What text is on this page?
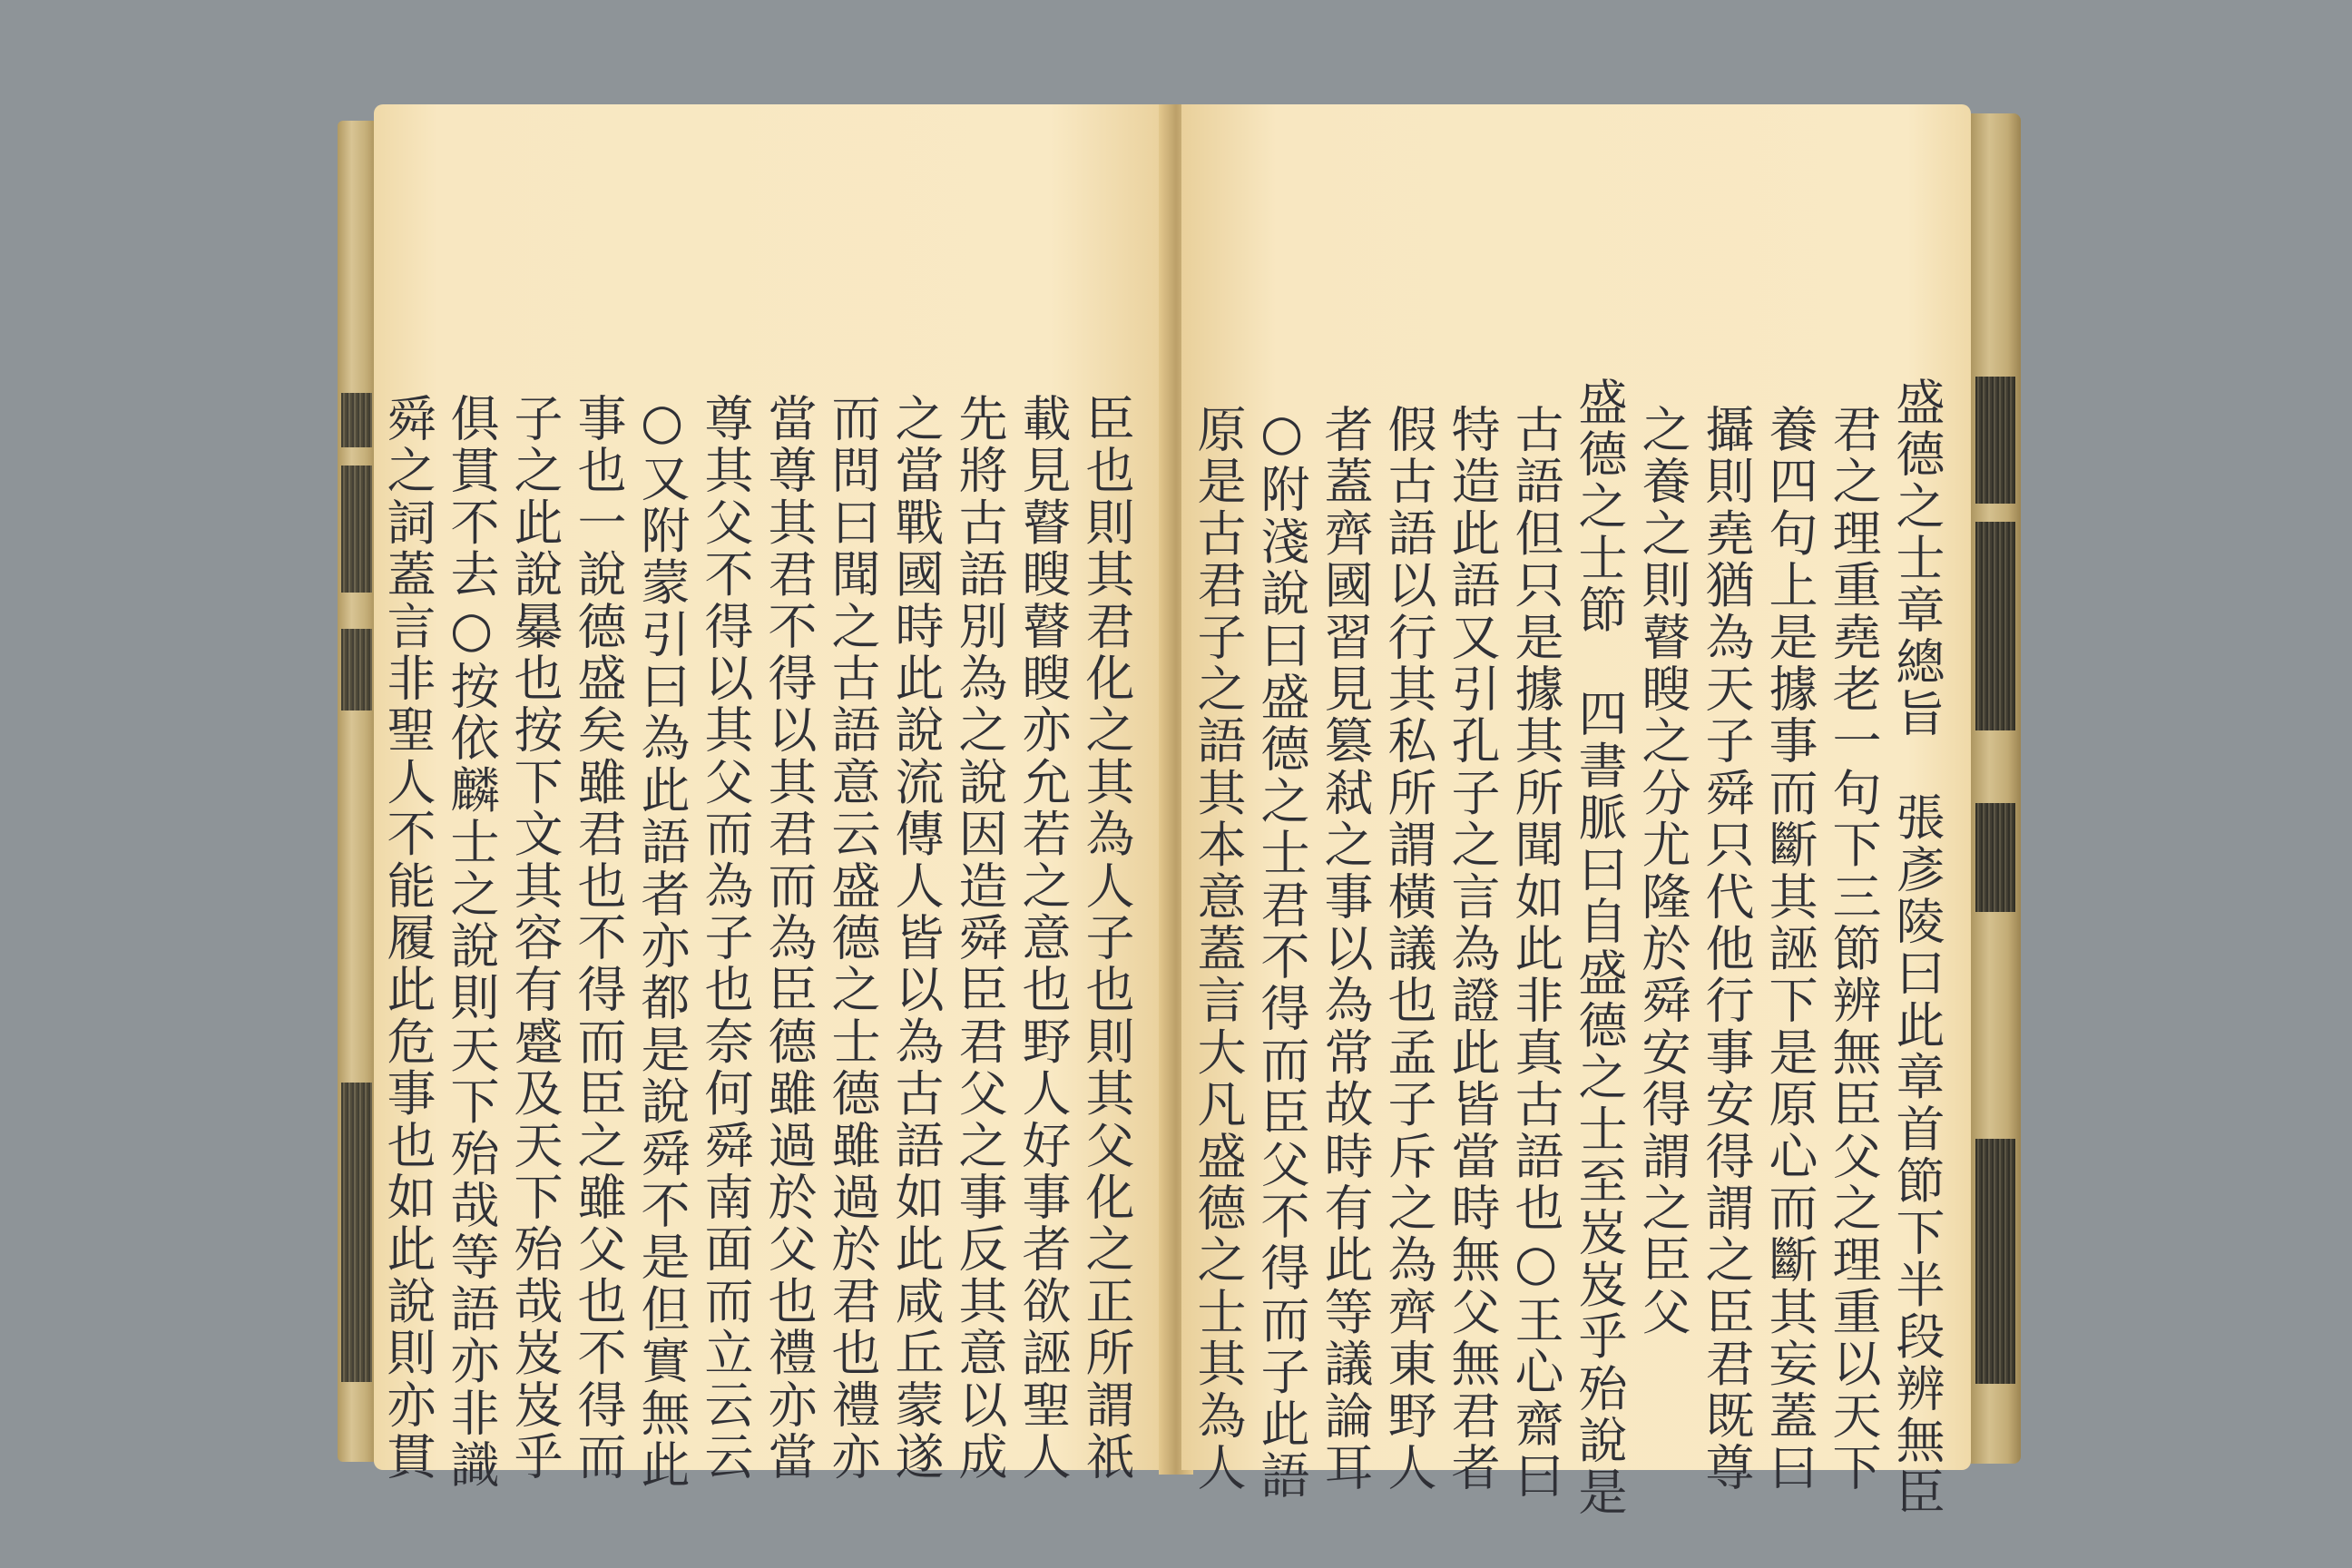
臣也則其君化之其為人子也則其父化之正所謂祇
載見瞽瞍瞽瞍亦允若之意也野人好事者欲誣聖人
先將古語別為之說因造舜臣君父之事反其意以成
之當戰國時此說流傳人皆以為古語如此咸丘蒙遂
而問曰聞之古語意云盛德之士德雖過於君也禮亦
當尊其君不得以其君而為臣德雖過於父也禮亦當
尊其父不得以其父而為子也奈何舜南面而立云云
○又附蒙引曰為此語者亦都是說舜不是但實無此
事也一說德盛矣雖君也不得而臣之雖父也不得而
子之此說㬥也按下文其容有蹙及天下殆哉岌岌乎
俱貫不去○按依麟士之說則天下殆哉等語亦非識
舜之詞蓋言非聖人不能履此危事也如此說則亦貫	盛德之士章總旨　張彥陵曰此章首節下半段辨無臣
君之理重堯老一句下三節辨無臣父之理重以天下
養四句上是據事而斷其誣下是原心而斷其妄蓋曰
攝則堯猶為天子舜只代他行事安得謂之臣君既尊
之養之則瞽瞍之分尤隆於舜安得謂之臣父
盛德之士節　四書脈曰自盛德之士至岌岌乎殆說是
古語但只是據其所聞如此非真古語也○王心齋曰
特造此語又引孔子之言為證此皆當時無父無君者
假古語以行其私所謂橫議也孟子斥之為齊東野人
者蓋齊國習見篡弒之事以為常故時有此等議論耳
○附淺說曰盛德之士君不得而臣父不得而子此語
原是古君子之語其本意蓋言大凡盛德之士其為人
